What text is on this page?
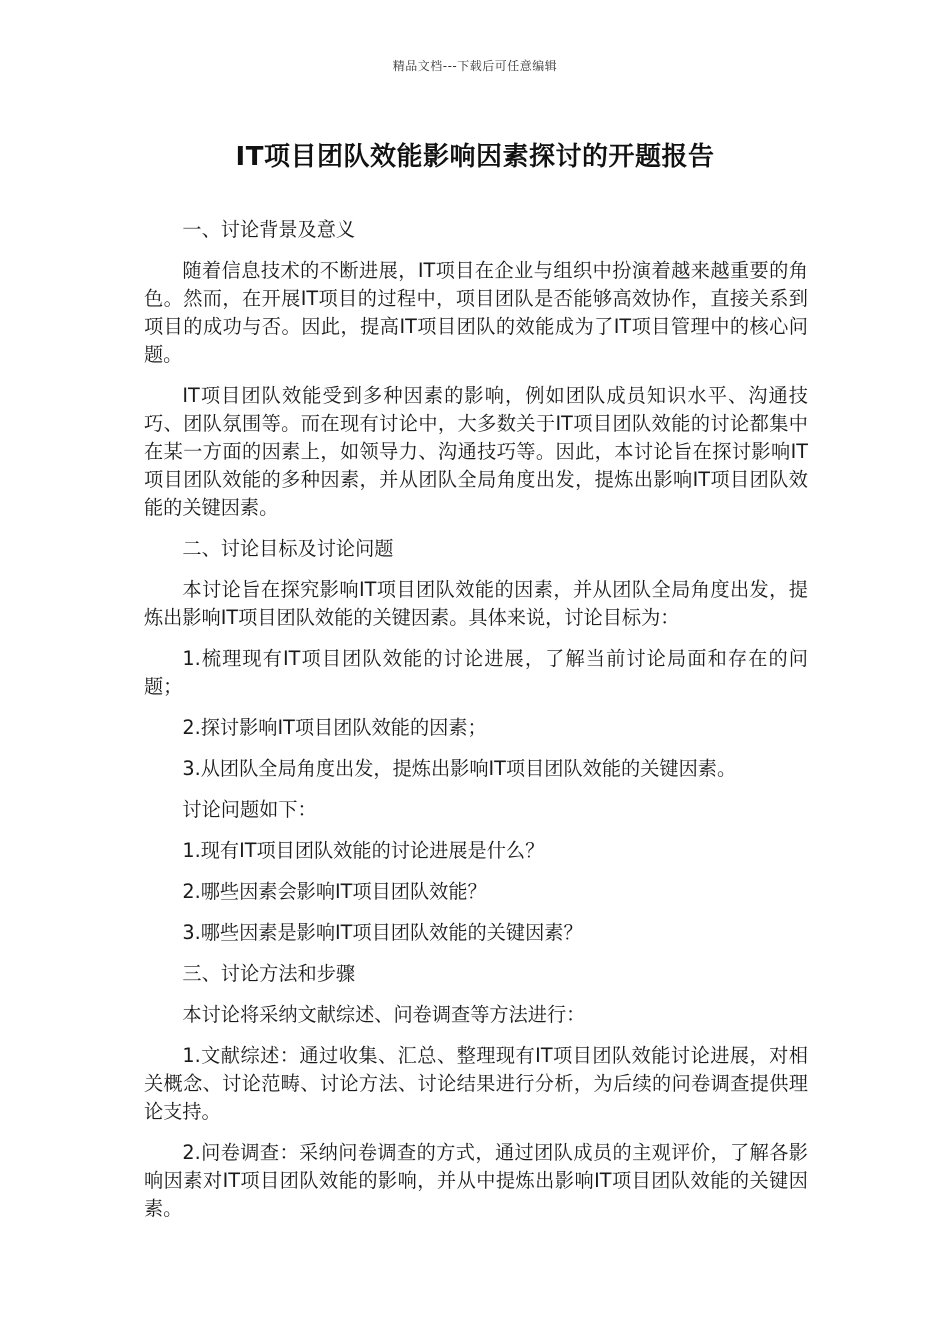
精品文档---下载后可任意编辑
IT项目团队效能影响因素探讨的开题报告

一、讨论背景及意义

随着信息技术的不断进展，IT项目在企业与组织中扮演着越来越重要的角色。然而，在开展IT项目的过程中，项目团队是否能够高效协作，直接关系到项目的成功与否。因此，提高IT项目团队的效能成为了IT项目管理中的核心问题。

IT项目团队效能受到多种因素的影响，例如团队成员知识水平、沟通技巧、团队氛围等。而在现有讨论中，大多数关于IT项目团队效能的讨论都集中在某一方面的因素上，如领导力、沟通技巧等。因此，本讨论旨在探讨影响IT项目团队效能的多种因素，并从团队全局角度出发，提炼出影响IT项目团队效能的关键因素。

二、讨论目标及讨论问题

本讨论旨在探究影响IT项目团队效能的因素，并从团队全局角度出发，提炼出影响IT项目团队效能的关键因素。具体来说，讨论目标为：

1.梳理现有IT项目团队效能的讨论进展，了解当前讨论局面和存在的问题；

2.探讨影响IT项目团队效能的因素；

3.从团队全局角度出发，提炼出影响IT项目团队效能的关键因素。

讨论问题如下：

1.现有IT项目团队效能的讨论进展是什么？

2.哪些因素会影响IT项目团队效能？

3.哪些因素是影响IT项目团队效能的关键因素？

三、讨论方法和步骤

本讨论将采纳文献综述、问卷调查等方法进行：

1.文献综述：通过收集、汇总、整理现有IT项目团队效能讨论进展，对相关概念、讨论范畴、讨论方法、讨论结果进行分析，为后续的问卷调查提供理论支持。

2.问卷调查：采纳问卷调查的方式，通过团队成员的主观评价，了解各影响因素对IT项目团队效能的影响，并从中提炼出影响IT项目团队效能的关键因素。
